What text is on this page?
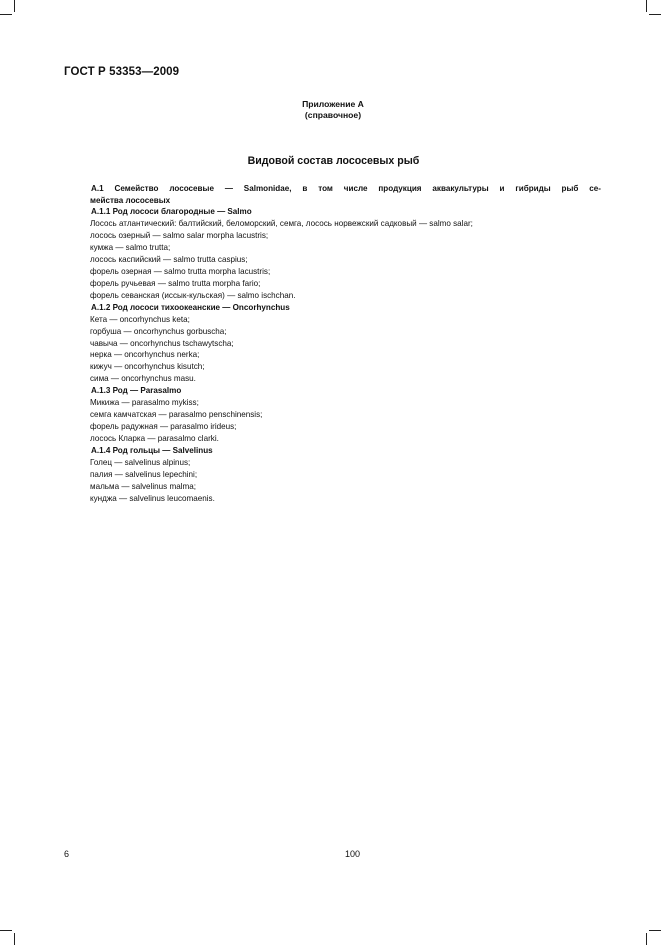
ГОСТ Р 53353—2009
Приложение А
(справочное)
Видовой состав лососевых рыб
А.1 Семейство лососевые — Salmonidae, в том числе продукция аквакультуры и гибриды рыб се-
мейства лососевых
А.1.1 Род лососи благородные — Salmo
Лосось атлантический: балтийский, беломорский, семга, лосось норвежский садковый — salmo salar;
лосось озерный — salmo salar morpha lacustris;
кумжа — salmo trutta;
лосось каспийский — salmo trutta caspius;
форель озерная — salmo trutta morpha lacustris;
форель ручьевая — salmo trutta morpha fario;
форель севанская (иссык-кульская) — salmo ischchan.
А.1.2 Род лососи тихоокеанские — Oncorhynchus
Кета — oncorhynchus keta;
горбуша — oncorhynchus gorbuscha;
чавыча — oncorhynchus tschawytscha;
нерка — oncorhynchus nerka;
кижуч — oncorhynchus kisutch;
сима — oncorhynchus masu.
А.1.3 Род — Parasalmo
Микижа — parasalmo mykiss;
семга камчатская — parasalmo penschinensis;
форель радужная — parasalmo irideus;
лосось Кларка — parasalmo clarki.
А.1.4 Род гольцы — Salvelinus
Голец — salvelinus alpinus;
палия — salvelinus lepechini;
мальма — salvelinus malma;
кунджа — salvelinus leucomaenis.
6	100
